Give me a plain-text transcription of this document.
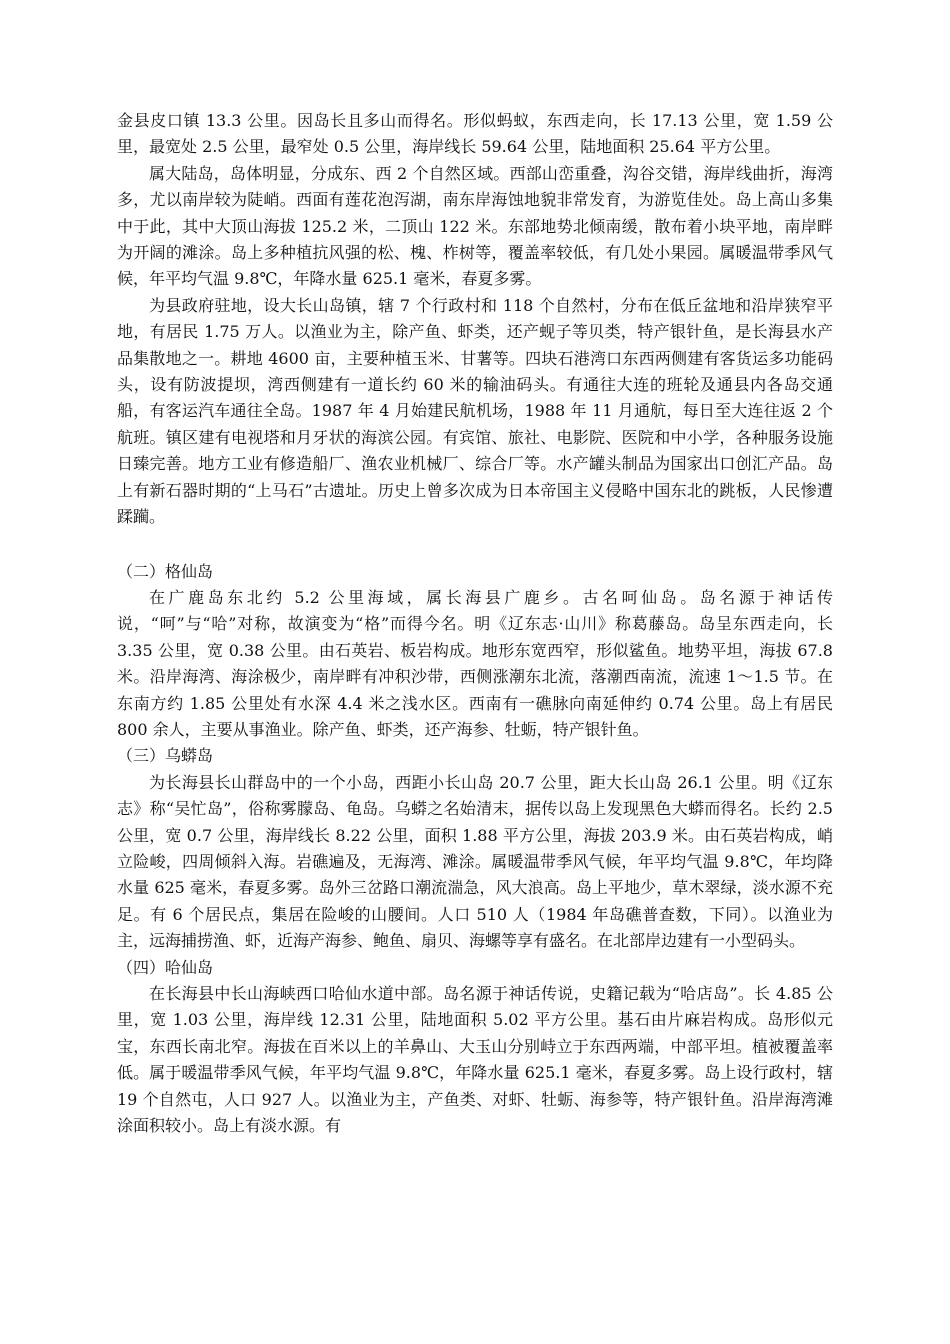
金县皮口镇 13.3 公里。因岛长且多山而得名。形似蚂蚁，东西走向，长 17.13 公里，宽 1.59 公里，最宽处 2.5 公里，最窄处 0.5 公里，海岸线长 59.64 公里，陆地面积 25.64 平方公里。

属大陆岛，岛体明显，分成东、西 2 个自然区域。西部山峦重叠，沟谷交错，海岸线曲折，海湾多，尤以南岸较为陡峭。西面有莲花泡泻湖，南东岸海蚀地貌非常发育，为游览佳处。岛上高山多集中于此，其中大顶山海拔 125.2 米，二顶山 122 米。东部地势北倾南缓，散布着小块平地，南岸畔为开阔的滩涂。岛上多种植抗风强的松、槐、柞树等，覆盖率较低，有几处小果园。属暖温带季风气候，年平均气温 9.8℃，年降水量 625.1 毫米，春夏多雾。

为县政府驻地，设大长山岛镇，辖 7 个行政村和 118 个自然村，分布在低丘盆地和沿岸狭窄平地，有居民 1.75 万人。以渔业为主，除产鱼、虾类，还产蚬子等贝类，特产银针鱼，是长海县水产品集散地之一。耕地 4600 亩，主要种植玉米、甘薯等。四块石港湾口东西两侧建有客货运多功能码头，设有防波提坝，湾西侧建有一道长约 60 米的输油码头。有通往大连的班轮及通县内各岛交通船，有客运汽车通往全岛。1987 年 4 月始建民航机场，1988 年 11 月通航，每日至大连往返 2 个航班。镇区建有电视塔和月牙状的海滨公园。有宾馆、旅社、电影院、医院和中小学，各种服务设施日臻完善。地方工业有修造船厂、渔农业机械厂、综合厂等。水产罐头制品为国家出口创汇产品。岛上有新石器时期的“上马石”古遗址。历史上曾多次成为日本帝国主义侵略中国东北的跳板，人民惨遭蹂躏。

（二）格仙岛

在广鹿岛东北约 5.2 公里海域，属长海县广鹿乡。古名呵仙岛。岛名源于神话传说，“呵”与“哈”对称，故演变为“格”而得今名。明《辽东志·山川》称葛藤岛。岛呈东西走向，长 3.35 公里，宽 0.38 公里。由石英岩、板岩构成。地形东宽西窄，形似鲨鱼。地势平坦，海拔 67.8 米。沿岸海湾、海涂极少，南岸畔有冲积沙带，西侧涨潮东北流，落潮西南流，流速 1～1.5 节。在东南方约 1.85 公里处有水深 4.4 米之浅水区。西南有一礁脉向南延伸约 0.74 公里。岛上有居民 800 余人，主要从事渔业。除产鱼、虾类，还产海参、牡蛎，特产银针鱼。

（三）乌蟒岛

为长海县长山群岛中的一个小岛，西距小长山岛 20.7 公里，距大长山岛 26.1 公里。明《辽东志》称“吴忙岛”，俗称雾朦岛、龟岛。乌蟒之名始清末，据传以岛上发现黑色大蟒而得名。长约 2.5 公里，宽 0.7 公里，海岸线长 8.22 公里，面积 1.88 平方公里，海拔 203.9 米。由石英岩构成，峭立险峻，四周倾斜入海。岩礁遍及，无海湾、滩涂。属暖温带季风气候，年平均气温 9.8℃，年均降水量 625 毫米，春夏多雾。岛外三岔路口潮流湍急，风大浪高。岛上平地少，草木翠绿，淡水源不充足。有 6 个居民点，集居在险峻的山腰间。人口 510 人（1984 年岛礁普查数，下同）。以渔业为主，远海捕捞渔、虾，近海产海参、鲍鱼、扇贝、海螺等享有盛名。在北部岸边建有一小型码头。

（四）哈仙岛

在长海县中长山海峡西口哈仙水道中部。岛名源于神话传说，史籍记载为“哈店岛”。长 4.85 公里，宽 1.03 公里，海岸线 12.31 公里，陆地面积 5.02 平方公里。基石由片麻岩构成。岛形似元宝，东西长南北窄。海拔在百米以上的羊鼻山、大玉山分别峙立于东西两端，中部平坦。植被覆盖率低。属于暖温带季风气候，年平均气温 9.8℃，年降水量 625.1 毫米，春夏多雾。岛上设行政村，辖 19 个自然屯，人口 927 人。以渔业为主，产鱼类、对虾、牡蛎、海参等，特产银针鱼。沿岸海湾滩涂面积较小。岛上有淡水源。有
